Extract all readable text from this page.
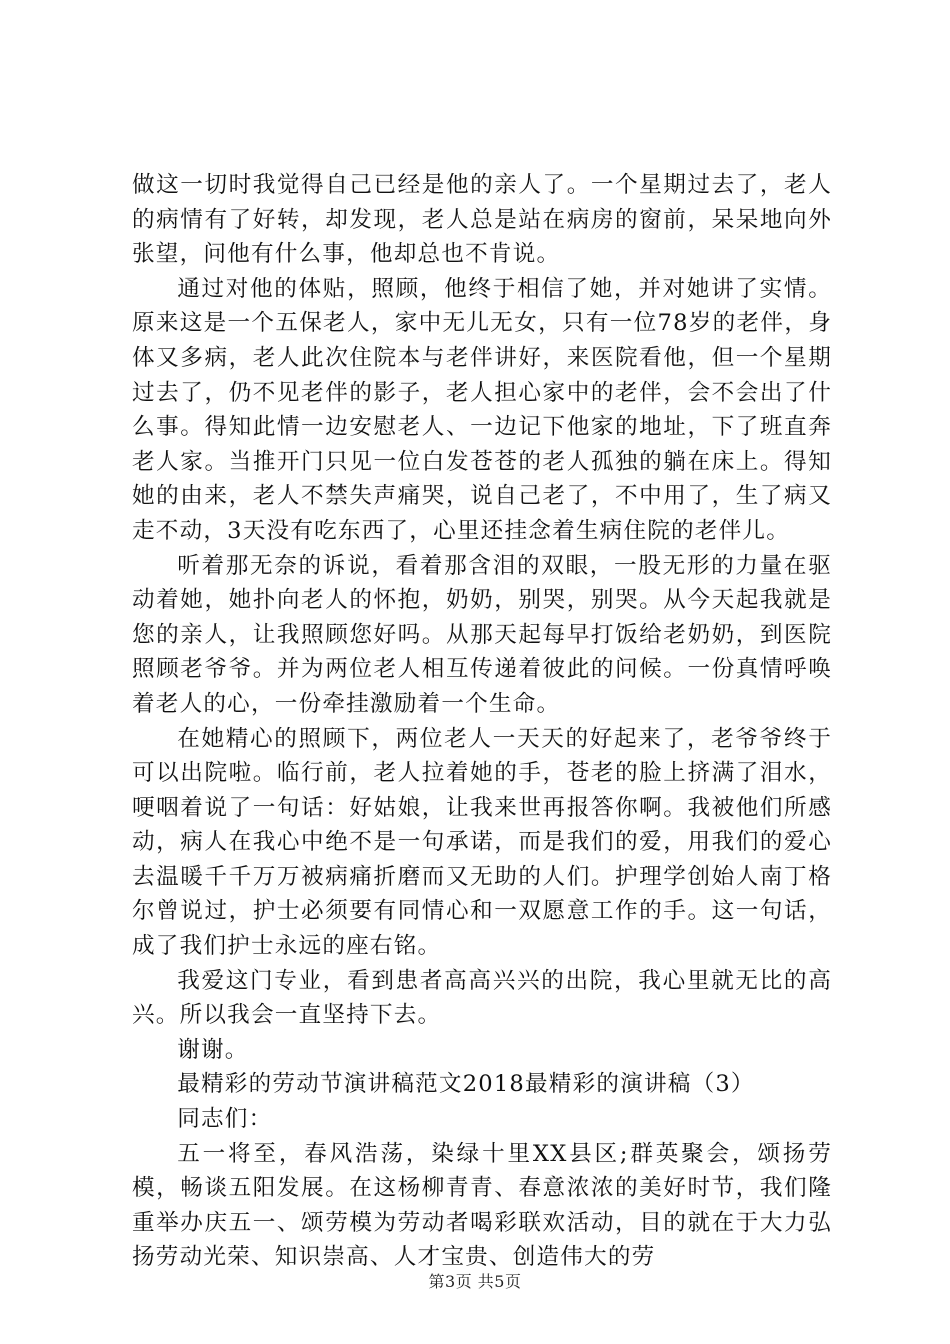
做这一切时我觉得自己已经是他的亲人了。一个星期过去了，老人的病情有了好转，却发现，老人总是站在病房的窗前，呆呆地向外张望，问他有什么事，他却总也不肯说。

通过对他的体贴，照顾，他终于相信了她，并对她讲了实情。原来这是一个五保老人，家中无儿无女，只有一位78岁的老伴，身体又多病，老人此次住院本与老伴讲好，来医院看他，但一个星期过去了，仍不见老伴的影子，老人担心家中的老伴，会不会出了什么事。得知此情一边安慰老人、一边记下他家的地址，下了班直奔老人家。当推开门只见一位白发苍苍的老人孤独的躺在床上。得知她的由来，老人不禁失声痛哭，说自己老了，不中用了，生了病又走不动，3天没有吃东西了，心里还挂念着生病住院的老伴儿。

听着那无奈的诉说，看着那含泪的双眼，一股无形的力量在驱动着她，她扑向老人的怀抱，奶奶，别哭，别哭。从今天起我就是您的亲人，让我照顾您好吗。从那天起每早打饭给老奶奶，到医院照顾老爷爷。并为两位老人相互传递着彼此的问候。一份真情呼唤着老人的心，一份牵挂激励着一个生命。

在她精心的照顾下，两位老人一天天的好起来了，老爷爷终于可以出院啦。临行前，老人拉着她的手，苍老的脸上挤满了泪水，哽咽着说了一句话：好姑娘，让我来世再报答你啊。我被他们所感动，病人在我心中绝不是一句承诺，而是我们的爱，用我们的爱心去温暖千千万万被病痛折磨而又无助的人们。护理学创始人南丁格尔曾说过，护士必须要有同情心和一双愿意工作的手。这一句话，成了我们护士永远的座右铭。

我爱这门专业，看到患者高高兴兴的出院，我心里就无比的高兴。所以我会一直坚持下去。

谢谢。

最精彩的劳动节演讲稿范文2018最精彩的演讲稿（3）

同志们：

五一将至，春风浩荡，染绿十里XX县区;群英聚会，颂扬劳模，畅谈五阳发展。在这杨柳青青、春意浓浓的美好时节，我们隆重举办庆五一、颂劳模为劳动者喝彩联欢活动，目的就在于大力弘扬劳动光荣、知识崇高、人才宝贵、创造伟大的劳

第3页 共5页
